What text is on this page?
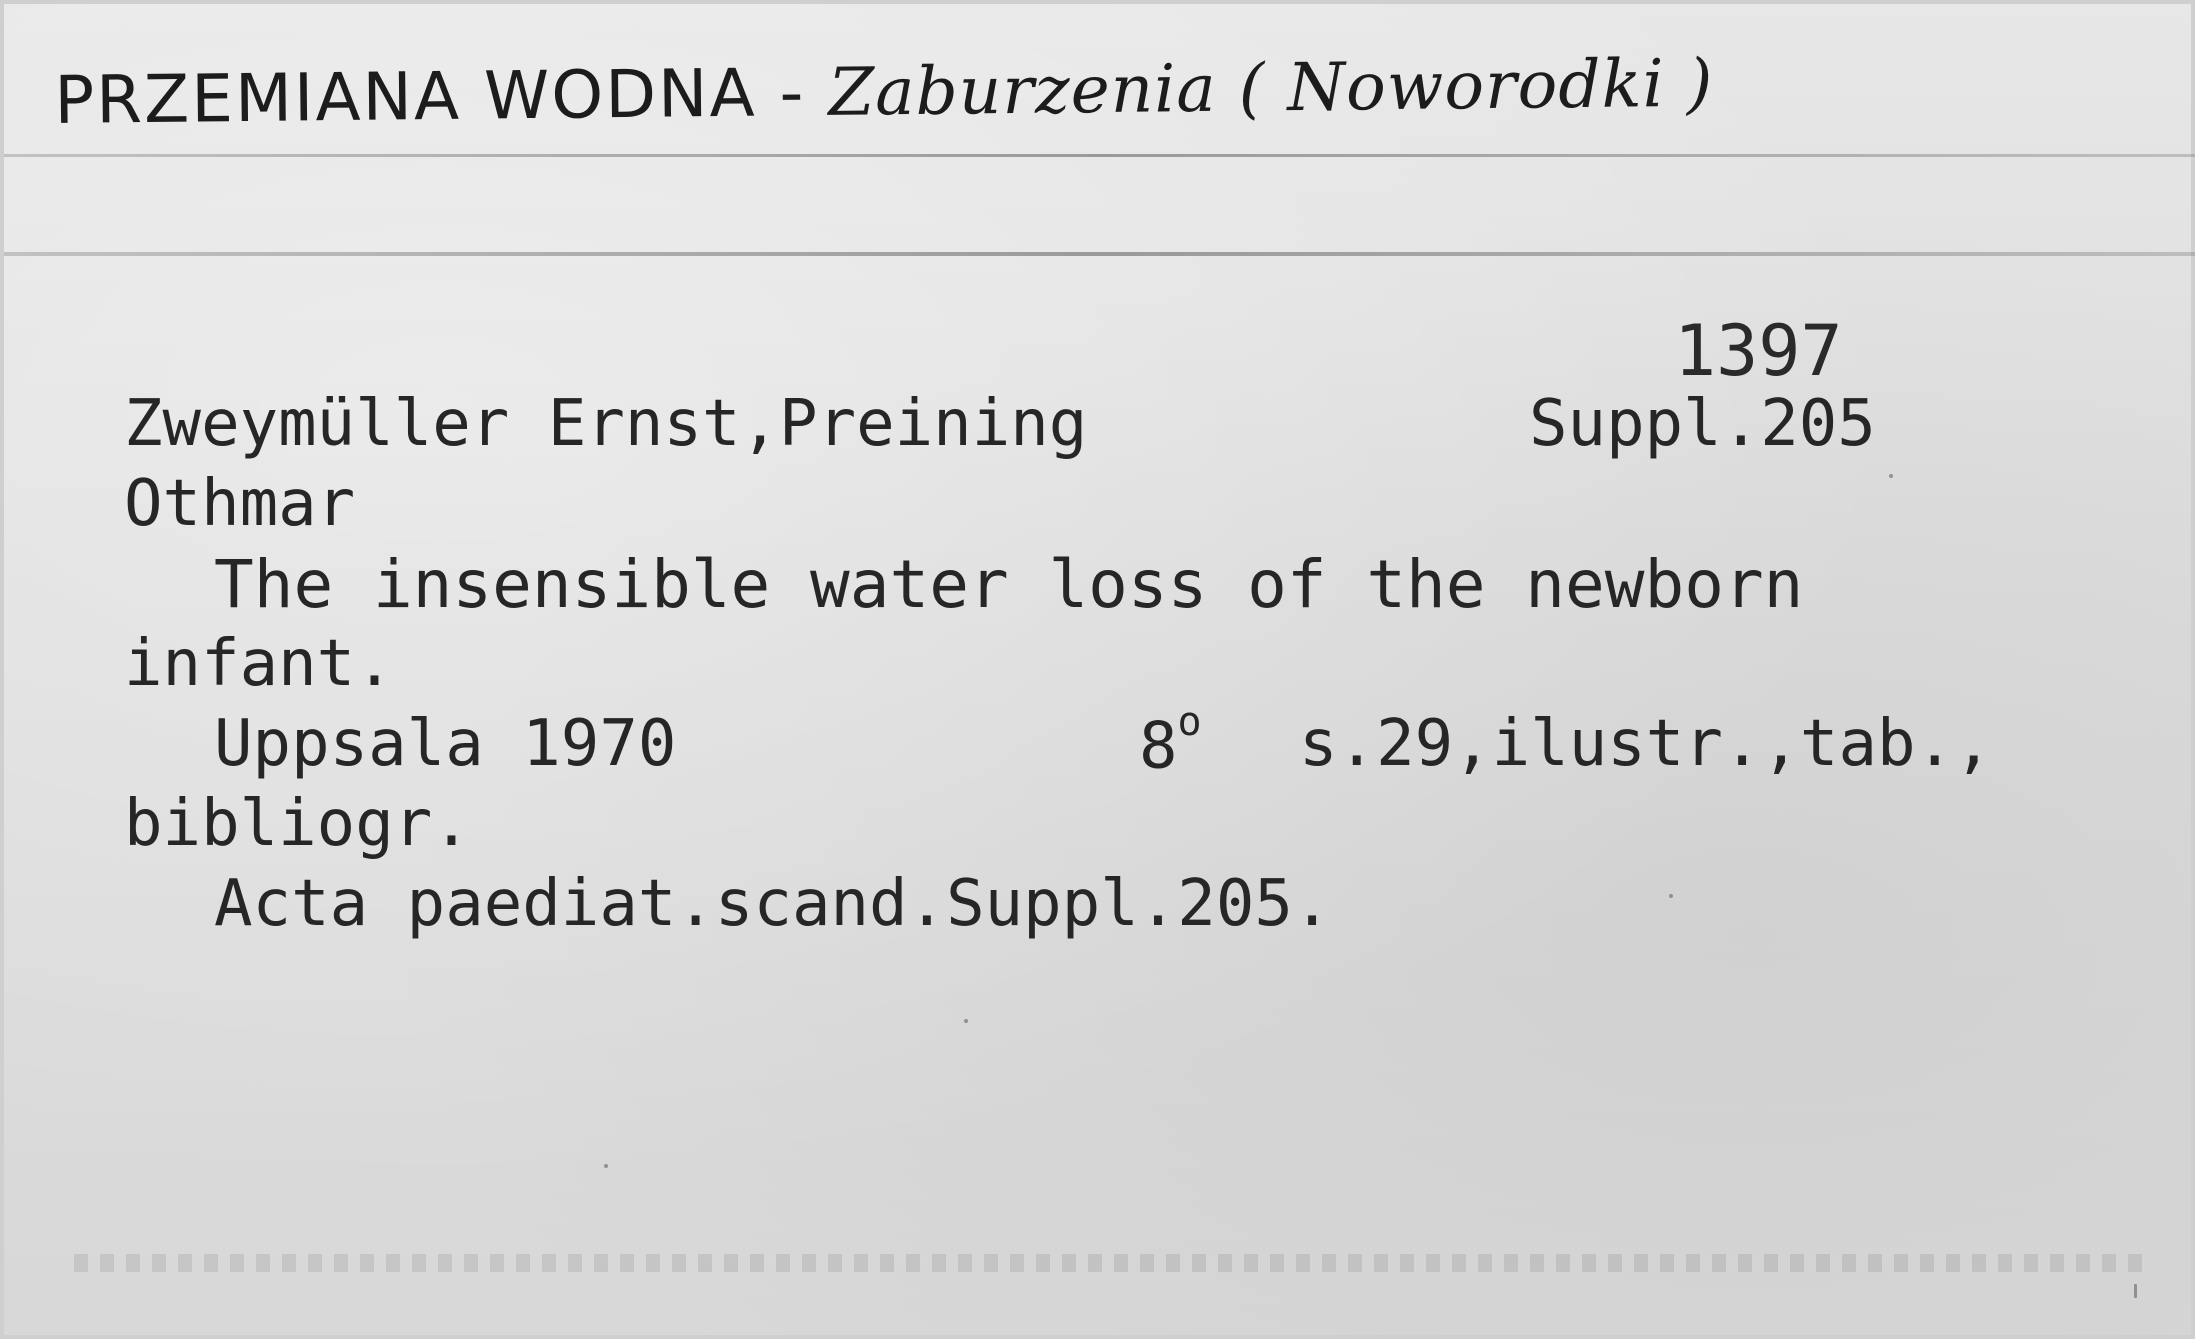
PRZEMIANA WODNA - Zaburzenia ( Noworodki )
1397
Suppl.205
Zweymüller Ernst,Preining
Othmar
The insensible water loss of the newborn
infant.
Uppsala 1970	8$^o$ s.29,ilustr.,tab.,
bibliogr.
Acta paediat.scand.Suppl.205.
